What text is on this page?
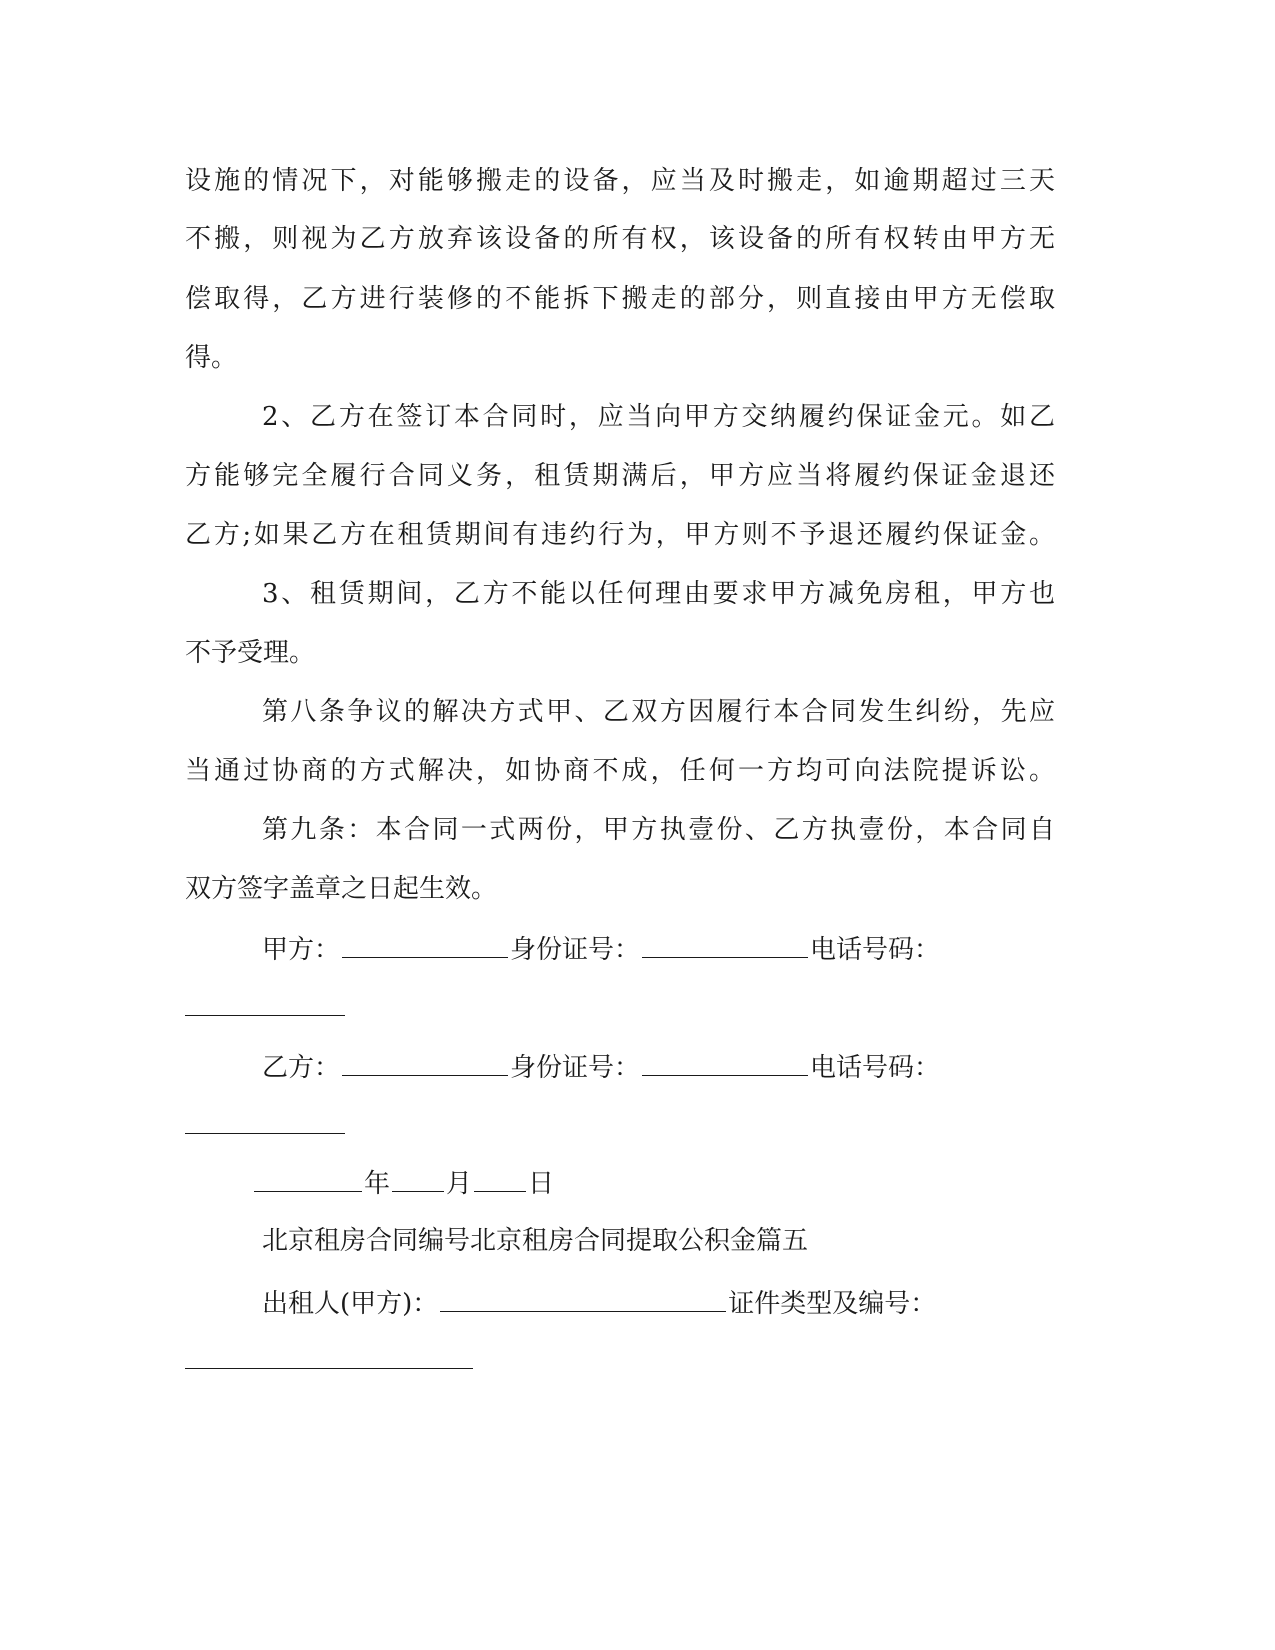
设施的情况下，对能够搬走的设备，应当及时搬走，如逾期超过三天
不搬，则视为乙方放弃该设备的所有权，该设备的所有权转由甲方无
偿取得，乙方进行装修的不能拆下搬走的部分，则直接由甲方无偿取
得。
2、乙方在签订本合同时，应当向甲方交纳履约保证金元。如乙
方能够完全履行合同义务，租赁期满后，甲方应当将履约保证金退还
乙方;如果乙方在租赁期间有违约行为，甲方则不予退还履约保证金。
3、租赁期间，乙方不能以任何理由要求甲方减免房租，甲方也
不予受理。
第八条争议的解决方式甲、乙双方因履行本合同发生纠纷，先应
当通过协商的方式解决，如协商不成，任何一方均可向法院提诉讼。
第九条：本合同一式两份，甲方执壹份、乙方执壹份，本合同自
双方签字盖章之日起生效。
甲方：	身份证号：	电话号码：
乙方：	身份证号：	电话号码：
年 月 日
北京租房合同编号北京租房合同提取公积金篇五
出租人(甲方)：	证件类型及编号：
